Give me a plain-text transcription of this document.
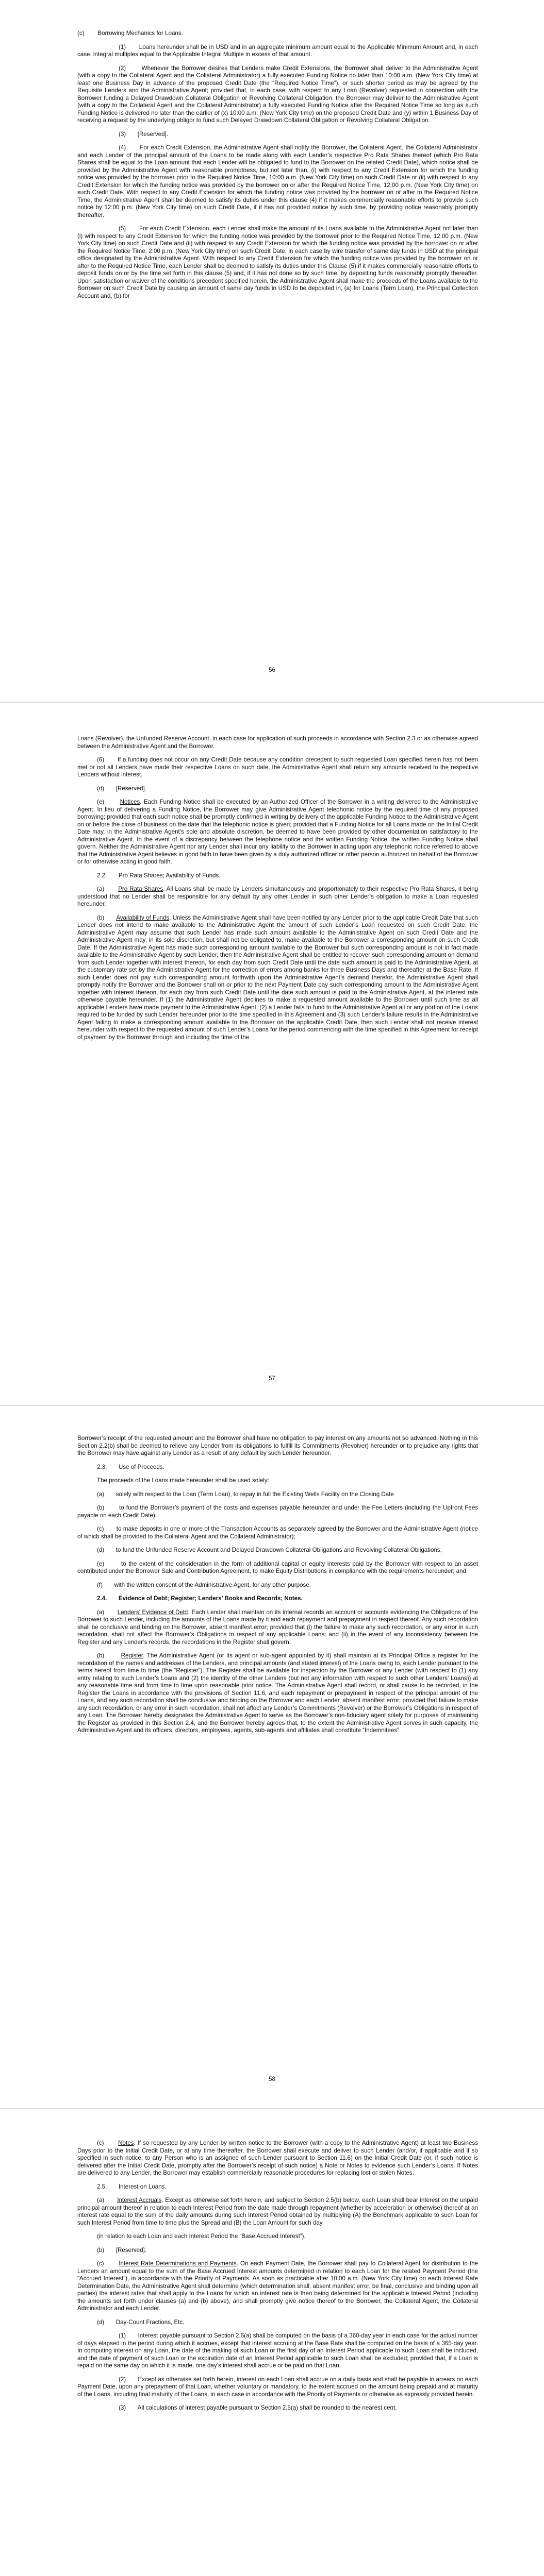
(c)        Borrowing Mechanics for Loans.

(1)       Loans hereunder shall be in USD and in an aggregate minimum amount equal to the Applicable Minimum Amount and, in each case, integral multiples equal to the Applicable Integral Multiple in excess of that amount.

(2)       Whenever the Borrower desires that Lenders make Credit Extensions, the Borrower shall deliver to the Administrative Agent (with a copy to the Collateral Agent and the Collateral Administrator) a fully executed Funding Notice no later than 10:00 a.m. (New York City time) at least one Business Day in advance of the proposed Credit Date (the “Required Notice Time”), or such shorter period as may be agreed by the Requisite Lenders and the Administrative Agent; provided that, in each case, with respect to any Loan (Revolver) requested in connection with the Borrower funding a Delayed Drawdown Collateral Obligation or Revolving Collateral Obligation, the Borrower may deliver to the Administrative Agent (with a copy to the Collateral Agent and the Collateral Administrator) a fully executed Funding Notice after the Required Notice Time so long as such Funding Notice is delivered no later than the earlier of (x) 10:00 a.m. (New York City time) on the proposed Credit Date and (y) within 1 Business Day of receiving a request by the underlying obligor to fund such Delayed Drawdown Collateral Obligation or Revolving Collateral Obligation.

(3)       [Reserved].

(4)       For each Credit Extension, the Administrative Agent shall notify the Borrower, the Collateral Agent, the Collateral Administrator and each Lender of the principal amount of the Loans to be made along with each Lender’s respective Pro Rata Shares thereof (which Pro Rata Shares shall be equal to the Loan amount that each Lender will be obligated to fund to the Borrower on the related Credit Date), which notice shall be provided by the Administrative Agent with reasonable promptness, but not later than, (i) with respect to any Credit Extension for which the funding notice was provided by the borrower prior to the Required Notice Time, 10:00 a.m. (New York City time) on such Credit Date or (ii) with respect to any Credit Extension for which the funding notice was provided by the borrower on or after the Required Notice Time, 12:00 p.m. (New York City time) on such Credit Date. With respect to any Credit Extension for which the funding notice was provided by the borrower on or after to the Required Notice Time, the Administrative Agent shall be deemed to satisfy its duties under this clause (4) if it makes commercially reasonable efforts to provide such notice by 12:00 p.m. (New York City time) on such Credit Date, if it has not provided notice by such time, by providing notice reasonably promptly thereafter.

(5)       For each Credit Extension, each Lender shall make the amount of its Loans available to the Administrative Agent not later than (i) with respect to any Credit Extension for which the funding notice was provided by the borrower prior to the Required Notice Time, 12:00 p.m. (New York City time) on such Credit Date and (ii) with respect to any Credit Extension for which the funding notice was provided by the borrower on or after the Required Notice Time, 2:00 p.m. (New York City time) on such Credit Date, in each case by wire transfer of same day funds in USD at the principal office designated by the Administrative Agent. With respect to any Credit Extension for which the funding notice was provided by the borrower on or after to the Required Notice Time, each Lender shall be deemed to satisfy its duties under this Clause (5) if it makes commercially reasonable efforts to deposit funds on or by the time set forth in this clause (5) and, if it has not done so by such time, by depositing funds reasonably promptly thereafter. Upon satisfaction or waiver of the conditions precedent specified herein, the Administrative Agent shall make the proceeds of the Loans available to the Borrower on such Credit Date by causing an amount of same day funds in USD to be deposited in, (a) for Loans (Term Loan), the Principal Collection Account and, (b) for

56

Loans (Revolver), the Unfunded Reserve Account, in each case for application of such proceeds in accordance with Section 2.3 or as otherwise agreed between the Administrative Agent and the Borrower.

(6)       If a funding does not occur on any Credit Date because any condition precedent to such requested Loan specified herein has not been met or not all Lenders have made their respective Loans on such date, the Administrative Agent shall return any amounts received to the respective Lenders without interest.

(d)       [Reserved].

(e)	Notices. Each Funding Notice shall be executed by an Authorized Officer of the Borrower in a writing delivered to the Administrative Agent. In lieu of delivering a Funding Notice, the Borrower may give Administrative Agent telephonic notice by the required time of any proposed borrowing; provided that each such notice shall be promptly confirmed in writing by delivery of the applicable Funding Notice to the Administrative Agent on or before the close of business on the date that the telephonic notice is given; provided that a Funding Notice for all Loans made on the Initial Credit Date may, in the Administrative Agent’s sole and absolute discretion, be deemed to have been provided by other documentation satisfactory to the Administrative Agent. In the event of a discrepancy between the telephone notice and the written Funding Notice, the written Funding Notice shall govern. Neither the Administrative Agent nor any Lender shall incur any liability to the Borrower in acting upon any telephonic notice referred to above that the Administrative Agent believes in good faith to have been given by a duly authorized officer or other person authorized on behalf of the Borrower or for otherwise acting in good faith.

2.2.       Pro Rata Shares; Availability of Funds.

(a) Pro Rata Shares. All Loans shall be made by Lenders simultaneously and proportionately to their respective Pro Rata Shares, it being understood that no Lender shall be responsible for any default by any other Lender in such other Lender’s obligation to make a Loan requested hereunder.

(b) Availability of Funds. Unless the Administrative Agent shall have been notified by any Lender prior to the applicable Credit Date that such Lender does not intend to make available to the Administrative Agent the amount of such Lender’s Loan requested on such Credit Date, the Administrative Agent may assume that such Lender has made such amount available to the Administrative Agent on such Credit Date and the Administrative Agent may, in its sole discretion, but shall not be obligated to, make available to the Borrower a corresponding amount on such Credit Date. If the Administrative Agent has made such corresponding amount available to the Borrower but such corresponding amount is not in fact made available to the Administrative Agent by such Lender, then the Administrative Agent shall be entitled to recover such corresponding amount on demand from such Lender together with interest thereon, for each day from such Credit Date until the date such amount is paid to the Administrative Agent, at the customary rate set by the Administrative Agent for the correction of errors among banks for three Business Days and thereafter at the Base Rate. If such Lender does not pay such corresponding amount forthwith upon the Administrative Agent’s demand therefor, the Administrative Agent shall promptly notify the Borrower and the Borrower shall on or prior to the next Payment Date pay such corresponding amount to the Administrative Agent together with interest thereon, for each day from such Credit Date until the date such amount is paid to the Administrative Agent, at the interest rate otherwise payable hereunder. If (1) the Administrative Agent declines to make a requested amount available to the Borrower until such time as all applicable Lenders have made payment to the Administrative Agent, (2) a Lender fails to fund to the Administrative Agent all or any portion of the Loans required to be funded by such Lender hereunder prior to the time specified in this Agreement and (3) such Lender’s failure results in the Administrative Agent failing to make a corresponding amount available to the Borrower on the applicable Credit Date, then such Lender shall not receive interest hereunder with respect to the requested amount of such Lender’s Loans for the period commencing with the time specified in this Agreement for receipt of payment by the Borrower through and including the time of the

57

Borrower’s receipt of the requested amount and the Borrower shall have no obligation to pay interest on any amounts not so advanced. Nothing in this Section 2.2(b) shall be deemed to relieve any Lender from its obligations to fulfill its Commitments (Revolver) hereunder or to prejudice any rights that the Borrower may have against any Lender as a result of any default by such Lender hereunder.

2.3.       Use of Proceeds.

The proceeds of the Loans made hereunder shall be used solely:

(a)       solely with respect to the Loan (Term Loan), to repay in full the Existing Wells Facility on the Closing Date

(b)       to fund the Borrower’s payment of the costs and expenses payable hereunder and under the Fee Letters (including the Upfront Fees payable on each Credit Date);

(c)       to make deposits in one or more of the Transaction Accounts as separately agreed by the Borrower and the Administrative Agent (notice of which shall be provided to the Collateral Agent and the Collateral Administrator);

(d)       to fund the Unfunded Reserve Account and Delayed Drawdown Collateral Obligations and Revolving Collateral Obligations;

(e)       to the extent of the consideration in the form of additional capital or equity interests paid by the Borrower with respect to an asset contributed under the Borrower Sale and Contribution Agreement, to make Equity Distributions in compliance with the requirements hereunder; and

(f)       with the written consent of the Administrative Agent, for any other purpose.

2.4.       Evidence of Debt; Register; Lenders’ Books and Records; Notes.

(a) Lenders’ Evidence of Debt. Each Lender shall maintain on its internal records an account or accounts evidencing the Obligations of the Borrower to such Lender, including the amounts of the Loans made by it and each repayment and prepayment in respect thereof. Any such recordation shall be conclusive and binding on the Borrower, absent manifest error; provided that (i) the failure to make any such recordation, or any error in such recordation, shall not affect the Borrower’s Obligations in respect of any applicable Loans; and (ii) in the event of any inconsistency between the Register and any Lender’s records, the recordations in the Register shall govern.

(b)	Register. The Administrative Agent (or its agent or sub-agent appointed by it) shall maintain at its Principal Office a register for the recordation of the names and addresses of the Lenders, and principal amounts (and stated interest) of the Loans owing to, each Lender pursuant to the terms hereof from time to time (the “Register”). The Register shall be available for inspection by the Borrower or any Lender (with respect to (1) any entry relating to such Lender’s Loans and (2) the identity of the other Lenders (but not any information with respect to such other Lenders’ Loans)) at any reasonable time and from time to time upon reasonable prior notice. The Administrative Agent shall record, or shall cause to be recorded, in the Register the Loans in accordance with the provisions of Section 11.6, and each repayment or prepayment in respect of the principal amount of the Loans, and any such recordation shall be conclusive and binding on the Borrower and each Lender, absent manifest error; provided that failure to make any such recordation, or any error in such recordation, shall not affect any Lender’s Commitments (Revolver) or the Borrower’s Obligations in respect of any Loan. The Borrower hereby designates the Administrative Agent to serve as the Borrower’s non-fiduciary agent solely for purposes of maintaining the Register as provided in this Section 2.4, and the Borrower hereby agrees that, to the extent the Administrative Agent serves in such capacity, the Administrative Agent and its officers, directors, employees, agents, sub-agents and affiliates shall constitute “Indemnitees”.

58

(c) Notes. If so requested by any Lender by written notice to the Borrower (with a copy to the Administrative Agent) at least two Business Days prior to the Initial Credit Date, or at any time thereafter, the Borrower shall execute and deliver to such Lender (and/or, if applicable and if so specified in such notice, to any Person who is an assignee of such Lender pursuant to Section 11.6) on the Initial Credit Date (or, if such notice is delivered after the Initial Credit Date, promptly after the Borrower’s receipt of such notice) a Note or Notes to evidence such Lender’s Loans. If Notes are delivered to any Lender, the Borrower may establish commercially reasonable procedures for replacing lost or stolen Notes.

2.5.       Interest on Loans.

(a) Interest Accruals. Except as otherwise set forth herein, and subject to Section 2.5(b) below, each Loan shall bear interest on the unpaid principal amount thereof in relation to each Interest Period from the date made through repayment (whether by acceleration or otherwise) thereof at an interest rate equal to the sum of the daily amounts during such Interest Period obtained by multiplying (A) the Benchmark applicable to such Loan for such Interest Period from time to time plus the Spread and (B) the Loan Amount for such day

(in relation to each Loan and each Interest Period the “Base Accrued Interest”).

(b)       [Reserved].

(c) Interest Rate Determinations and Payments. On each Payment Date, the Borrower shall pay to Collateral Agent for distribution to the Lenders an amount equal to the sum of the Base Accrued Interest amounts determined in relation to each Loan for the related Payment Period (the “Accrued Interest”), in accordance with the Priority of Payments. As soon as practicable after 10:00 a.m. (New York City time) on each Interest Rate Determination Date, the Administrative Agent shall determine (which determination shall, absent manifest error, be final, conclusive and binding upon all parties) the interest rates that shall apply to the Loans for which an interest rate is then being determined for the applicable Interest Period (including the amounts set forth under clauses (a) and (b) above), and shall promptly give notice thereof to the Borrower, the Collateral Agent, the Collateral Administrator and each Lender.

(d)       Day-Count Fractions, Etc.

(1)       Interest payable pursuant to Section 2.5(a) shall be computed on the basis of a 360-day year in each case for the actual number of days elapsed in the period during which it accrues, except that interest accruing at the Base Rate shall be computed on the basis of a 365-day year. In computing interest on any Loan, the date of the making of such Loan or the first day of an Interest Period applicable to such Loan shall be included, and the date of payment of such Loan or the expiration date of an Interest Period applicable to such Loan shall be excluded; provided that, if a Loan is repaid on the same day on which it is made, one day’s interest shall accrue or be paid on that Loan.

(2)       Except as otherwise set forth herein, interest on each Loan shall accrue on a daily basis and shall be payable in arrears on each Payment Date, upon any prepayment of that Loan, whether voluntary or mandatory, to the extent accrued on the amount being prepaid and at maturity of the Loans, including final maturity of the Loans, in each case in accordance with the Priority of Payments or otherwise as expressly provided herein.

(3)       All calculations of interest payable pursuant to Section 2.5(a) shall be rounded to the nearest cent.
